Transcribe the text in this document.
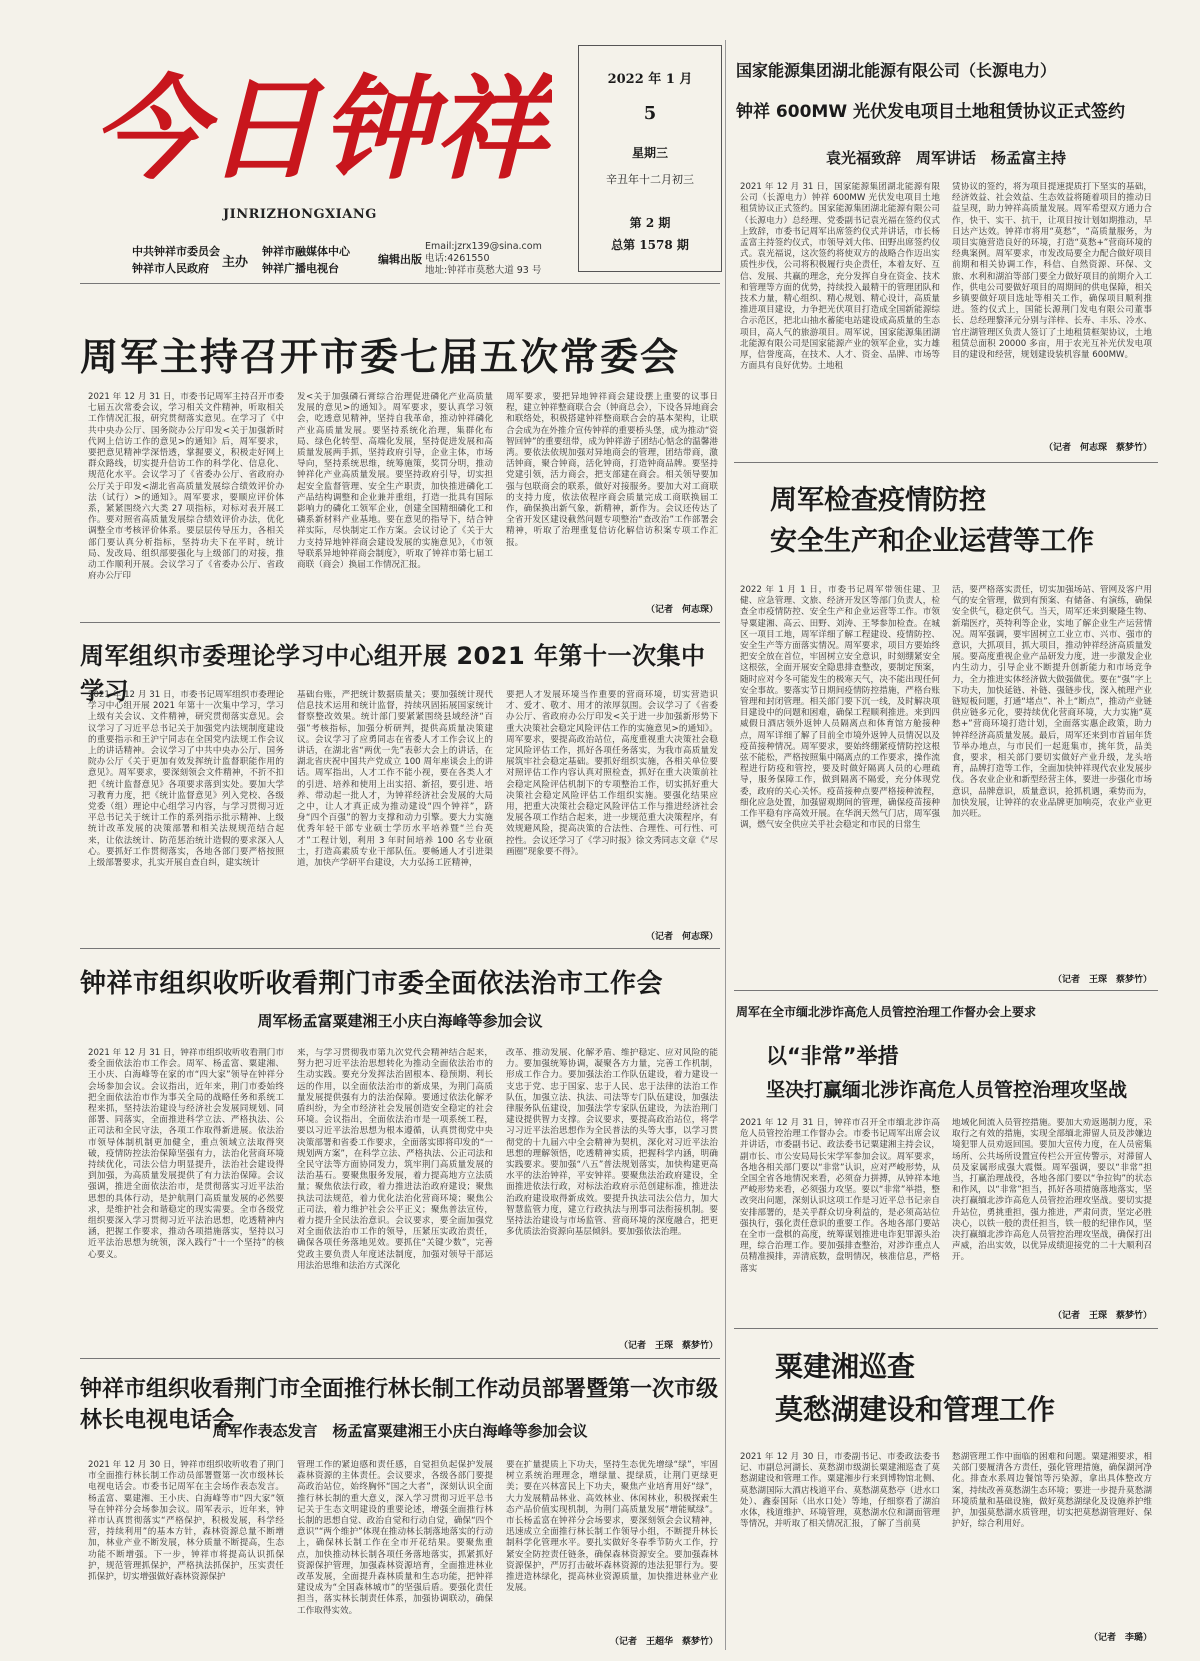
今日钟祥
JINRIZHONGXIANG
中共钟祥市委员会
钟祥市人民政府	主办
钟祥市融媒体中心
钟祥广播电视台
编辑出版
Email:jzrx139@sina.com
电话:4261550
地址:钟祥市莫愁大道 93 号
2022 年 1 月
5
星期三
辛丑年十二月初三
第 2 期
总第 1578 期
周军主持召开市委七届五次常委会
2021 年 12 月 31 日，市委书记周军主持召开市委七届五次常委会议，学习相关文件精神，听取相关工作情况汇报，研究贯彻落实意见。在学习了《中共中央办公厅、国务院办公厅印发<关于加强新时代网上信访工作的意见>的通知》后，周军要求，要把意见精神学深悟透，掌握要义，积极走好网上群众路线，切实提升信访工作的科学化、信息化、规范化水平。会议学习了《省委办公厅、省政府办公厅关于印发<湖北省高质量发展综合绩效评价办法（试行）>的通知》。周军要求，要顺应评价体系，紧紧围绕六大类 27 项指标，对标对表开展工作。要对照省高质量发展综合绩效评价办法，优化调整全市考核评价体系。要层层传导压力，各相关部门要认真分析指标，坚持功夫下在平时，统计局、发改局、组织部要强化与上级部门的对接，推动工作顺利开展。会议学习了《省委办公厅、省政府办公厅印
发<关于加强磷石膏综合治理促进磷化产业高质量发展的意见>的通知》。周军要求，要认真学习领会，吃透意见精神，坚持自我革命，推动钟祥磷化产业高质量发展。要坚持系统化治理，集群化布局、绿色化转型、高端化发展，坚持促进发展和高质量发展两手抓，坚持政府引导，企业主体，市场导向，坚持系统思维，统筹施策，奖罚分明，推动钟祥化产业高质量发展。要坚持政府引导，切实担起安全监督管理、安全生产职责，加快推进磷化工产品结构调整和企业兼并重组，打造一批具有国际影响力的磷化工领军企业，创建全国精细磷化工和磷系新材料产业基地。要在意见的指导下，结合钟祥实际，尽快制定工作方案。会议讨论了《关于大力支持异地钟祥商会建设发展的实施意见》，《市领导联系异地钟祥商会制度》，听取了钟祥市第七届工商联（商会）换届工作情况汇报。
周军要求，要把异地钟祥商会建设摆上重要的议事日程，建立钟祥整商联合会（钟商总会），下设各异地商会和联络处，积极搭建钟祥整商联合会的基本架构，让联合会成为在外推介宣传钟祥的重要桥头堡，成为推动“资智回钟”的重要纽带，成为钟祥游子团结心惦念的温馨港湾。要依法依规加强对异地商会的管理，团结带商，激活钟商，聚合钟商，活化钟商，打造钟商品牌。要坚持党建引领，活力商会，把支部建在商会。相关领导要加强与包联商会的联系，做好对接服务。要加大对工商联的支持力度，依法依程序商会质量完成工商联换届工作，确保换出新气象，新精神，新作为。会议还传达了全省开发区建设截然问题专项整治“查改治”工作部署会精神，听取了治理重复信访化解信访积案专项工作汇报。
（记者　何志琛）
周军组织市委理论学习中心组开展 2021 年第十一次集中学习
2021 年 12 月 31 日，市委书记周军组织市委理论学习中心组开展 2021 年第十一次集中学习，学习上级有关会议、文件精神，研究贯彻落实意见。会议学习了习近平总书记关于加强党内法规制度建设的重要指示和王沪宁同志在全国党内法规工作会议上的讲话精神。会议学习了中共中央办公厅、国务院办公厅《关于更加有效发挥统计监督职能作用的意见》。周军要求，要深刻领会文件精神，不折不扣把《统计监督意见》各项要求落到实处。要加大学习教育力度，把《统计监督意见》列入党校、各级党委（组）理论中心组学习内容，与学习贯彻习近平总书记关于统计工作的系列指示批示精神、上级统计改革发展的决策部署和相关法规规范结合起来，让依法统计、防范惩治统计造假的要求深入人心。要抓好工作贯彻落实，各地各部门要严格按照上级部署要求，扎实开展自查自纠，建实统计
基础台账，严把统计数据质量关；要加强统计现代信息技术运用和统计监督，持续巩固拓展国家统计督察整改效果。统计部门要紧紧围绕县域经济“百强”考核指标，加强分析研判，提供高质量决策建议。会议学习了应勇同志在省委人才工作会议上的讲话，在湖北省“两优一先”表彰大会上的讲话，在湖北省庆祝中国共产党成立 100 周年座谈会上的讲话。周军指出，人才工作不能小视，要在各类人才的引进、培养和使用上出实招、新招，要引进、培养、带动起一批人才，为钟祥经济社会发展的大局之中，让人才真正成为推动建设“四个钟祥”，跻身“四个百强”的智力支撑和动力引擎。要大力实施优秀年轻干部专业硕士学历水平培养暨“兰台英才”工程计划，利用 3 年时间培养 100 名专业硕士，打造高素质专业干部队伍。要畅通人才引进渠道，加快产学研平台建设，大力弘扬工匠精神，
要把人才发展环境当作重要的营商环境，切实营造识才、爱才、敬才、用才的浓厚氛围。会议学习了《省委办公厅、省政府办公厅印发<关于进一步加强新形势下重大决策社会稳定风险评估工作的实施意见>的通知》。周军要求，要提高政治站位，高度重视重大决策社会稳定风险评估工作，抓好各项任务落实，为我市高质量发展筑牢社会稳定基础。要抓好组织实施，各相关单位要对照评估工作内容认真对照检查，抓好在重大决策前社会稳定风险评估机制下的专项整治工作，切实抓好重大决策社会稳定风险评估工作组织实施。要强化结果应用，把重大决策社会稳定风险评估工作与推进经济社会发展各项工作结合起来，进一步规范重大决策程序，有效规避风险，提高决策的合法性、合理性、可行性、可控性。会议还学习了《学习时报》徐文秀同志文章《“尽画圈”现象要不得》。
（记者　何志琛）
钟祥市组织收听收看荆门市委全面依法治市工作会
周军杨孟富粟建湘王小庆白海峰等参加会议
2021 年 12 月 31 日，钟祥市组织收听收看荆门市委全面依法治市工作会。周军、杨孟富、粟建湘、王小庆、白海峰等在家的市“四大家”领导在钟祥分会场参加会议。会议指出，近年来，荆门市委始终把全面依法治市作为事关全局的战略任务和系统工程来抓，坚持法治建设与经济社会发展同规划、同部署、同落实，全面推进科学立法、严格执法、公正司法和全民守法，各项工作取得新进展。依法治市领导体制机制更加健全，重点领域立法取得突破，疫情防控法治保障坚强有力，法治化营商环境持续优化，司法公信力明显提升，法治社会建设得到加强，为高质量发展提供了有力法治保障。会议强调，推进全面依法治市，是贯彻落实习近平法治思想的具体行动，是护航荆门高质量发展的必然要求，是维护社会和谐稳定的现实需要。全市各级党组织要深入学习贯彻习近平法治思想，吃透精神内涵，把握工作要求，推动各项措施落实，坚持以习近平法治思想为统领，深入践行“十一个坚持”的核心要义。
来，与学习贯彻我市第九次党代会精神结合起来，努力把习近平法治思想转化为推动全面依法治市的生动实践。要充分发挥法治固根本、稳预期、利长远的作用，以全面依法治市的新成果，为荆门高质量发展提供强有力的法治保障。要通过依法化解矛盾纠纷，为全市经济社会发展创造安全稳定的社会环境。会议指出，全面依法治市是一项系统工程，要以习近平法治思想为根本遵循，认真贯彻党中央决策部署和省委工作要求，全面落实即将印发的“一规划两方案”，在科学立法、严格执法、公正司法和全民守法等方面协同发力，筑牢荆门高质量发展的法治基石。要聚焦服务发展，着力提高地方立法质量；聚焦依法行政，着力推进法治政府建设；聚焦执法司法规范，着力优化法治化营商环境；聚焦公正司法，着力维护社会公平正义；聚焦普法宣传，着力提升全民法治意识。会议要求，要全面加强党对全面依法治市工作的领导，压紧压实政治责任，确保各项任务落地见效。要抓住“关键少数”，完善党政主要负责人年度述法制度，加强对领导干部运用法治思维和法治方式深化
改革、推动发展、化解矛盾、维护稳定、应对风险的能力。要加强统筹协调，凝聚各方力量，完善工作机制，形成工作合力。要加强法治工作队伍建设，着力建设一支忠于党、忠于国家、忠于人民、忠于法律的法治工作队伍，加强立法、执法、司法等专门队伍建设，加强法律服务队伍建设，加强法学专家队伍建设，为法治荆门建设提供智力支撑。会议要求，要提高政治站位，将学习习近平法治思想作为全民普法的头等大事，以学习贯彻党的十九届六中全会精神为契机，深化对习近平法治思想的理解领悟，吃透精神实质，把握科学内涵，明确实践要求。要加强“八五”普法规划落实，加快构建更高水平的法治钟祥，平安钟祥。要聚焦法治政府建设，全面推进依法行政，对标法治政府示范创建标准，推进法治政府建设取得新成效。要提升执法司法公信力，加大智慧监管力度，建立行政执法与刑事司法衔接机制。要坚持法治建设与市场监管、营商环境的深度融合，把更多优质法治资源向基层倾斜。要加强依法治理。
（记者　王琛　蔡梦竹）
钟祥市组织收看荆门市全面推行林长制工作动员部署暨第一次市级林长电视电话会
周军作表态发言　杨孟富粟建湘王小庆白海峰等参加会议
2021 年 12 月 30 日，钟祥市组织收听收看了荆门市全面推行林长制工作动员部署暨第一次市级林长电视电话会。市委书记周军在主会场作表态发言。杨孟富、粟建湘、王小庆、白海峰等市“四大家”领导在钟祥分会场参加会议。周军表示，近年来，钟祥市认真贯彻落实“严格保护，积极发展，科学经营，持续利用”的基本方针，森林资源总量不断增加，林业产业不断发展，林分质量不断提高，生态功能不断增强。下一步，钟祥市将提高认识抓保护，规范管理抓保护，严格执法抓保护，压实责任抓保护，切实增强做好森林资源保护
管理工作的紧迫感和责任感，自觉担负起保护发展森林资源的主体责任。会议要求，各级各部门要提高政治站位，始终胸怀“国之大者”，深刻认识全面推行林长制的重大意义，深入学习贯彻习近平总书记关于生态文明建设的重要论述，增强全面推行林长制的思想自觉、政治自觉和行动自觉，确保“四个意识”“两个维护”体现在推动林长制落地落实的行动上，确保林长制工作在全市开花结果。要聚焦重点，加快推动林长制各项任务落地落实，抓紧抓好资源保护管理，加强森林资源培育，全面推进林业改革发展，全面提升森林质量和生态功能，把钟祥建设成为“全国森林城市”的坚强后盾。要强化责任担当，落实林长制责任体系，加强协调联动，确保工作取得实效。
要在扩量提质上下功夫，坚持生态优先增绿“绿”，牢固树立系统治理理念，增绿量、提绿质，让荆门更绿更美；要在兴林富民上下功夫，聚焦产业培育用好“绿”，大力发展精品林业、高效林业、休闲林业，积极探索生态产品价值实现机制，为荆门高质量发展“增能赋绿”。市长杨孟富在钟祥分会场要求，要深刻领会会议精神，迅速成立全面推行林长制工作领导小组，不断提升林长制科学化管理水平。要扎实做好冬春季节防火工作，拧紧安全防控责任链条，确保森林资源安全。要加强森林资源保护，严厉打击破坏森林资源的违法犯罪行为。要推进造林绿化，提高林业资源质量，加快推进林业产业发展。
（记者　王超华　蔡梦竹）
国家能源集团湖北能源有限公司（长源电力）
钟祥 600MW 光伏发电项目土地租赁协议正式签约
袁光福致辞　周军讲话　杨孟富主持
2021 年 12 月 31 日，国家能源集团湖北能源有限公司（长源电力）钟祥 600MW 光伏发电项目土地租赁协议正式签约。国家能源集团湖北能源有限公司（长源电力）总经理、党委副书记袁光福在签约仪式上致辞，市委书记周军出席签约仪式并讲话，市长杨孟富主持签约仪式，市领导刘大伟、田野出席签约仪式。袁光福说，这次签约将使双方的战略合作迈出实质性步伐，公司将积极履行央企责任，本着友好、互信、发展、共赢的理念，充分发挥自身在资金、技术和管理等方面的优势，持续投入最精干的管理团队和技术力量，精心组织、精心规划、精心设计，高质量推进项目建设，力争把光伏项目打造成全国新能源综合示范区，把北山抽水蓄能电站建设成高质量的生态项目，高人气的旅游项目。周军说，国家能源集团湖北能源有限公司是国家能源产业的领军企业，实力雄厚，信誉度高，在技术、人才、资金、品牌、市场等方面具有良好优势。土地租
赁协议的签约，将为项目提速提质打下坚实的基础，经济效益、社会效益、生态效益将随着项目的推动日益呈现，助力钟祥高质量发展。周军希望双方通力合作，快干、实干、抗干，让项目按计划如期推动，早日达产达效。钟祥市将用“莫愁”，“高质量服务，为项目实施营造良好的环境，打造“莫愁+”营商环境的经典案例。周军要求，市发改局要全力配合做好项目前期和相关协调工作，科信、自然资源、环保、文旅、水利和湖泊等部门要全力做好项目的前期介入工作，供电公司要做好项目的周期间的供电保障，相关乡镇要做好项目选址等相关工作，确保项目顺利推进。签约仪式上，国能长源荆门发电有限公司董事长、总经理黎泽元分别与洋梓、长寿、丰乐、冷水、官庄湖管理区负责人签订了土地租赁框架协议，土地租赁总面积 20000 多亩，用于农光互补光伏发电项目的建设和经营，规划建设装机容量 600MW。
（记者　何志琛　蔡梦竹）
周军检查疫情防控
安全生产和企业运营等工作
2022 年 1 月 1 日，市委书记周军带领住建、卫健、应急管理、文旅、经济开发区等部门负责人，检查全市疫情防控、安全生产和企业运营等工作。市领导粟建湘、高云、田野、刘涛、王琴参加检查。在城区一项目工地，周军详细了解工程建设、疫情防控、安全生产等方面落实情况。周军要求，项目方要始终把安全放在首位，牢固树立安全意识，时刻绷紧安全这根弦，全面开展安全隐患排查整改，要制定预案，随时应对今冬可能发生的极寒天气，决不能出现任何安全事故。要落实节日期间疫情防控措施，严格台账管理和封闭管理。相关部门要下沉一线，及时解决项目建设中的问题和困难，确保工程顺利推进。来到四威假日酒店领外返钟人员隔离点和体育馆方舱接种点，周军详细了解了目前全市境外返钟人员情况以及疫苗接种情况。周军要求，要始终绷紧疫情防控这根弦不能松，严格按照集中隔离点的工作要求，操作流程进行防疫和管控，要及时做好隔离人员的心理疏导，服务保障工作，做到隔离不隔爱，充分体现党委，政府的关心关怀。疫苗接种点要严格接种流程，细化应急处置，加强留观期间的管理，确保疫苗接种工作平稳有序高效开展。在华润天然气门店，周军强调，燃气安全供应关乎社会稳定和市民的日常生
活，要严格落实责任，切实加强场站、管网及客户用气的安全管理，做到有预案、有储备、有演练，确保安全供气，稳定供气。当天，周军还来到聚隆生物、新瑞医疗，英特利等企业，实地了解企业生产运营情况。周军强调，要牢固树立工业立市、兴市、强市的意识，大抓项目，抓大项目，推动钟祥经济高质量发展。要高度重视企业产品研发力度，进一步激发企业内生动力，引导企业不断提升创新能力和市场竞争力，全力推进实体经济做大做强做优。要在“强”字上下功夫，加快延链、补链、强链步伐，深入梳理产业链短板问题，打通“堵点”、补上“断点”，推动产业链供应链多元化，要持续优化营商环境，大力实施“莫愁+”营商环境打造计划，全面落实惠企政策，助力钟祥经济高质量发展。最后，周军还来到市首届年货节举办地点，与市民们一起逛集市，挑年货，品美食，要求，相关部门要切实做好产业升级，龙头培育，品牌打造等工作，全面加快钟祥现代农业发展步伐。各农业企业和新型经营主体，要进一步强化市场意识，品牌意识，质量意识，抢抓机遇，乘势而为，加快发展，让钟祥的农业品牌更加响亮，农业产业更加兴旺。
（记者　王琛　蔡梦竹）
周军在全市缅北涉诈高危人员管控治理工作督办会上要求
以“非常”举措
坚决打赢缅北涉诈高危人员管控治理攻坚战
2021 年 12 月 31 日，钟祥市召开全市缅北涉诈高危人员管控治理工作督办会。市委书记周军出席会议并讲话，市委副书记、政法委书记粟建湘主持会议，副市长、市公安局局长宋学军参加会议。周军要求，各地各相关部门要以“非常”认识，应对严峻形势，从全国全省各地情况来看，必须奋力拼搏，从钟祥本地严峻形势来看，必须强力攻坚。要以“非常”举措，整改突出问题，深刻认识这项工作是习近平总书记亲自安排部署的，是关乎群众切身利益的，是必须高站位强执行，强化责任意识的重要工作。各地各部门要站在全市一盘棋的高度，统筹谋划推进电诈犯罪源头治理，综合治理工作。要加强排查整治，对涉诈重点人员精准摸排，弄清底数，盘明情况，核准信息，严格落实
地域化间流入员管控措施。要加大劝返遏制力度，采取行之有效的措施，实现全部缅北滞留人员及涉嫌边境犯罪人员劝返回国。要加大宣传力度，在人员密集场所、公共场所设置宣传栏公开宣传警示，对滞留人员及家属形成强大震慑。周军强调，要以“非常”担当，打赢治理战役，各地各部门要以“争拉钩”的状态和作风，以“非常”担当，抓好各项措施落地落实，坚决打赢缅北涉诈高危人员管控治理攻坚战。要切实提升站位，勇挑重担，强力推进，严肃问责，坚定必胜决心，以铁一般的责任担当，铁一般的纪律作风，坚决打赢缅北涉诈高危人员管控治理攻坚战，确保打出声威，治出实效，以优异成绩迎接党的二十大顺利召开。
（记者　王琛　蔡梦竹）
粟建湘巡查
莫愁湖建设和管理工作
2021 年 12 月 30 日，市委副书记、市委政法委书记、市副总河湖长、莫愁湖市级湖长粟建湘巡查了莫愁湖建设和管理工作。粟建湘步行来到博物馆北侧、莫愁湖国际大酒店栈道平台、莫愁湖莫愁亭（进水口处）、鑫泰国际（出水口处）等地，仔细察看了湖泊水体，栈道维护、环境管理，莫愁湖水位和湖面管理等情况，并听取了相关情况汇报，了解了当前莫
愁湖管理工作中面临的困难和问题。粟建湘要求，相关部门要履清各方责任，强化管理措施，确保湖河净化。排查水系周边餐馆等污染源，拿出具体整改方案，持续改善莫愁湖生态环境；要进一步提升莫愁湖环境质量和基础设施，做好莫愁湖绿化及设施养护维护，加强莫愁湖水质管理，切实把莫愁湖管理好、保护好，综合利用好。
（记者　李璐）
